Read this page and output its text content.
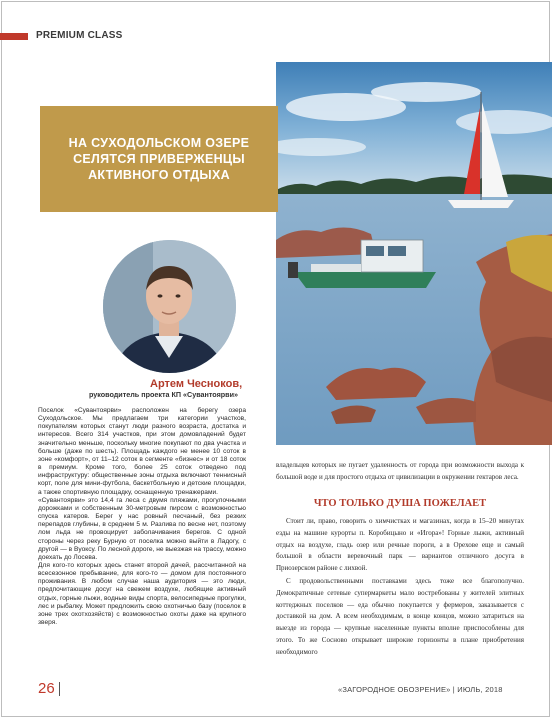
PREMIUM CLASS
НА СУХОДОЛЬСКОМ ОЗЕРЕ СЕЛЯТСЯ ПРИВЕРЖЕНЦЫ АКТИВНОГО ОТДЫХА
Артем Чесноков,
руководитель проекта КП «Сувантоярви»

Поселок «Сувантоярви» расположен на берегу озера Суходольское. Мы предлагаем три категории участков, покупателям которых станут люди разного возраста, достатка и интересов. Всего 314 участков, при этом домовладений будет значительно меньше, поскольку многие покупают по два участка и больше (даже по шесть). Площадь каждого не менее 10 соток в зоне «комфорт», от 11–12 соток в сегменте «бизнес» и от 18 соток в премиум. Кроме того, более 25 соток отведено под инфраструктуру: общественные зоны отдыха включают теннисный корт, поле для мини-футбола, баскетбольную и детские площадки, а также спортивную площадку, оснащенную тренажерами.

«Сувантоярви» это 14,4 га леса с двумя пляжами, прогулочными дорожками и собственным 30-метровым пирсом с возможностью спуска катеров. Берег у нас ровный песчаный, без резких перепадов глубины, в среднем 5 м. Разлива по весне нет, поэтому лом льда не провоцирует заболачивания берегов. С одной стороны через реку Бурную от поселка можно выйти в Ладогу, с другой — в Вуоксу. По лесной дороге, не выезжая на трассу, можно доехать до Лосева.

Для кого-то которых здесь станет второй дачей, рассчитанной на всесезонное пребывание, для кого-то — домом для постоянного проживания. В любом случае наша аудитория — это люди, предпочитающие досуг на свежем воздухе, любящие активный отдых, горные лыжи, водные виды спорта, велосипедные прогулки, лес и рыбалку. Может предложить свою охотничью базу (поселок в зоне трех охотхозяйств) с возможностью охоты даже на крупного зверя.

владельцев которых не пугает удаленность от города при возможности выхода к большой воде и для простого отдыха от цивилизации в окружении гектаров леса.
ЧТО ТОЛЬКО ДУША ПОЖЕЛАЕТ

Стоит ли, право, говорить о химчистках и магазинах, когда в 15–20 минутах езды на машине курорты п. Коробицыно и «Игора»! Горные лыжи, активный отдых на воздухе, гладь озер или речные пороги, а в Орехове еще и самый большой в области веревочный парк — вариантов отличного досуга в Приозерском районе с лихвой.

С продовольственными поставками здесь тоже все благополучно. Демократичные сетевые супермаркеты мало востребованы у жителей элитных коттеджных поселков — еда обычно покупается у фермеров, заказывается с доставкой на дом. А всем необходимым, в конце концов, можно затариться на выезде из города — крупные населенные пункты вполне приспособлены для этого. То же Сосново открывает широкие горизонты в плане приобретения необходимого

26	«ЗАГОРОДНОЕ ОБОЗРЕНИЕ» | ИЮЛЬ, 2018
